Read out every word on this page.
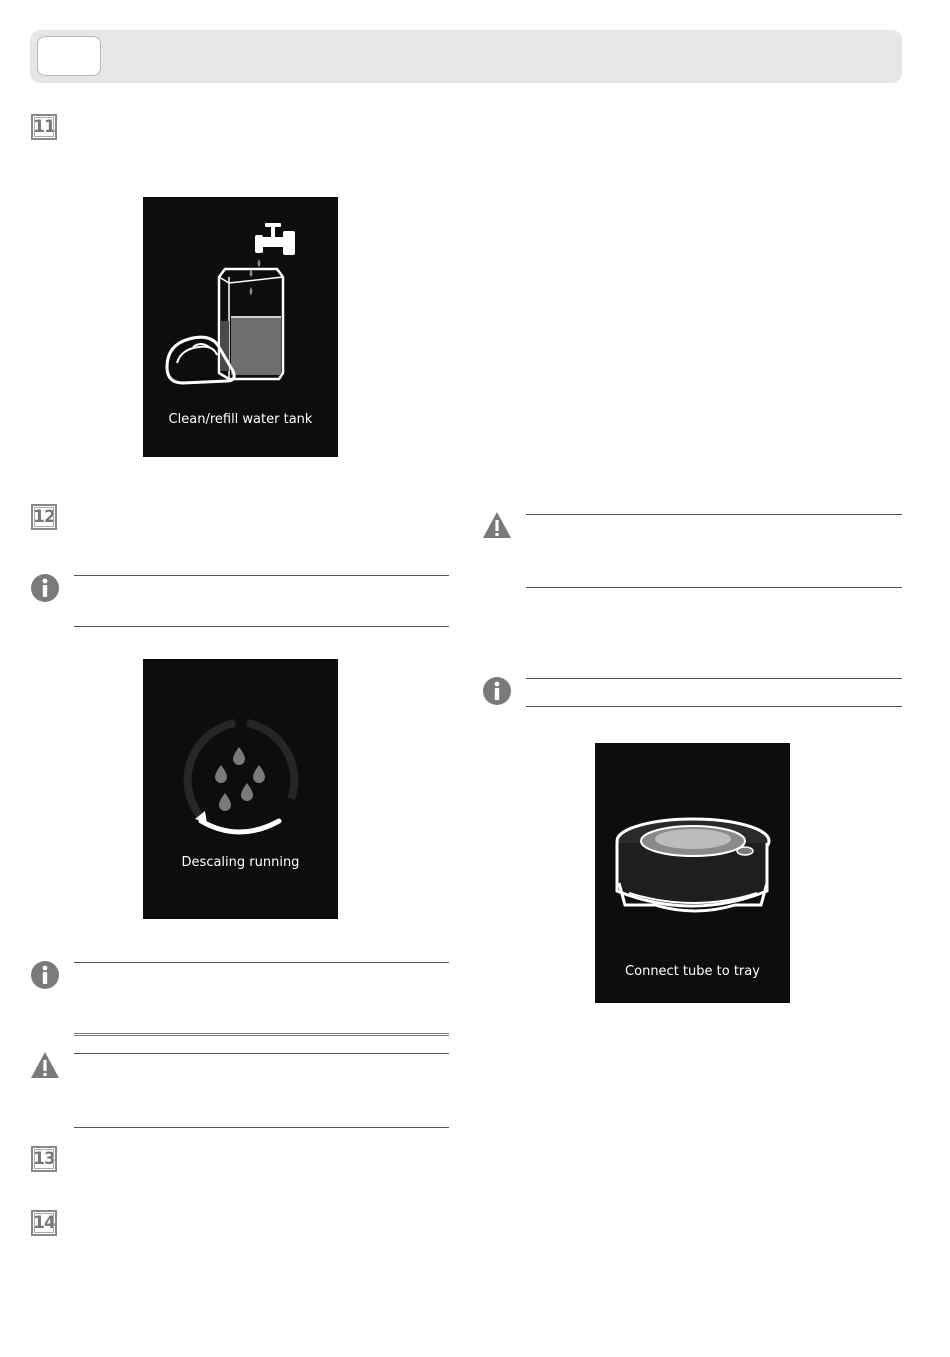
11
Clean/refill water tank
12
Descaling running
13
14
Connect tube to tray
